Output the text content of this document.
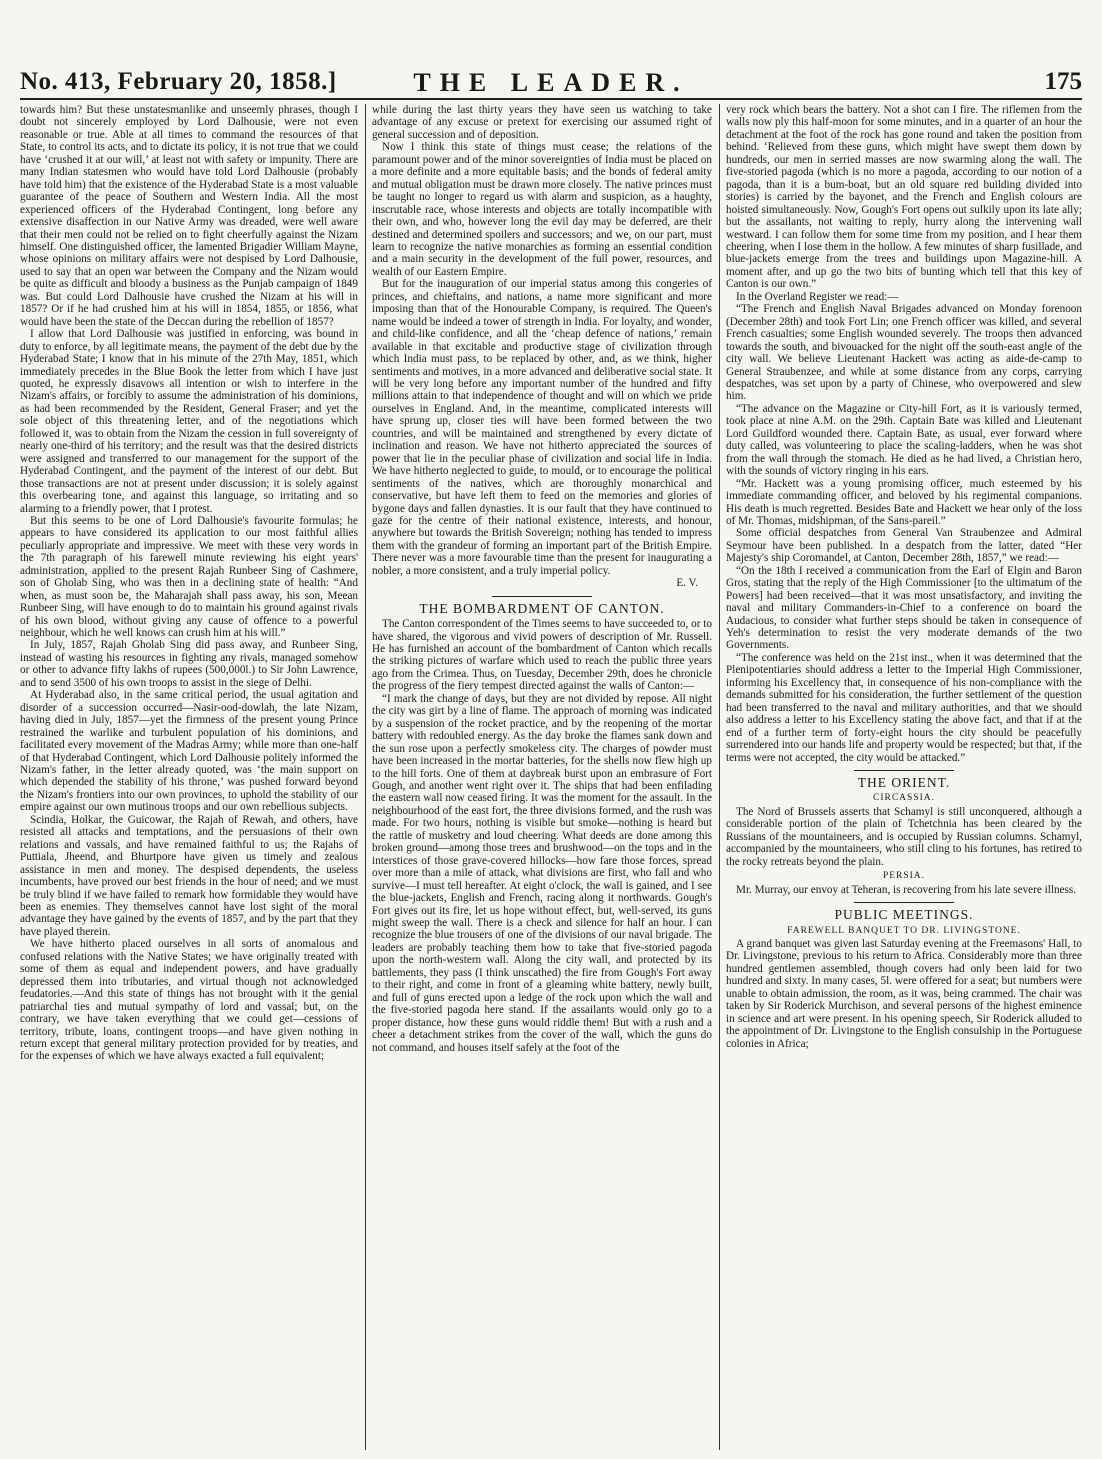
No. 413, February 20, 1858.]	THE LEADER.	175

towards him? But these unstatesmanlike and unseemly phrases, though I doubt not sincerely employed by Lord Dalhousie, were not even reasonable or true. Able at all times to command the resources of that State, to control its acts, and to dictate its policy, it is not true that we could have ‘crushed it at our will,’ at least not with safety or impunity. There are many Indian statesmen who would have told Lord Dalhousie (probably have told him) that the existence of the Hyderabad State is a most valuable guarantee of the peace of Southern and Western India. All the most experienced officers of the Hyderabad Contingent, long before any extensive disaffection in our Native Army was dreaded, were well aware that their men could not be relied on to fight cheerfully against the Nizam himself. One distinguished officer, the lamented Brigadier William Mayne, whose opinions on military affairs were not despised by Lord Dalhousie, used to say that an open war between the Company and the Nizam would be quite as difficult and bloody a business as the Punjab campaign of 1849 was. But could Lord Dalhousie have crushed the Nizam at his will in 1857? Or if he had crushed him at his will in 1854, 1855, or 1856, what would have been the state of the Deccan during the rebellion of 1857?

I allow that Lord Dalhousie was justified in enforcing, was bound in duty to enforce, by all legitimate means, the payment of the debt due by the Hyderabad State; I know that in his minute of the 27th May, 1851, which immediately precedes in the Blue Book the letter from which I have just quoted, he expressly disavows all intention or wish to interfere in the Nizam's affairs, or forcibly to assume the administration of his dominions, as had been recommended by the Resident, General Fraser; and yet the sole object of this threatening letter, and of the negotiations which followed it, was to obtain from the Nizam the cession in full sovereignty of nearly one-third of his territory; and the result was that the desired districts were assigned and transferred to our management for the support of the Hyderabad Contingent, and the payment of the interest of our debt. But those transactions are not at present under discussion; it is solely against this overbearing tone, and against this language, so irritating and so alarming to a friendly power, that I protest.

But this seems to be one of Lord Dalhousie's favourite formulas; he appears to have considered its application to our most faithful allies peculiarly appropriate and impressive. We meet with these very words in the 7th paragraph of his farewell minute reviewing his eight years' administration, applied to the present Rajah Runbeer Sing of Cashmere, son of Gholab Sing, who was then in a declining state of health: “And when, as must soon be, the Maharajah shall pass away, his son, Meean Runbeer Sing, will have enough to do to maintain his ground against rivals of his own blood, without giving any cause of offence to a powerful neighbour, which he well knows can crush him at his will.”

In July, 1857, Rajah Gholab Sing did pass away, and Runbeer Sing, instead of wasting his resources in fighting any rivals, managed somehow or other to advance fifty lakhs of rupees (500,000l.) to Sir John Lawrence, and to send 3500 of his own troops to assist in the siege of Delhi.

At Hyderabad also, in the same critical period, the usual agitation and disorder of a succession occurred—Nasir-ood-dowlah, the late Nizam, having died in July, 1857—yet the firmness of the present young Prince restrained the warlike and turbulent population of his dominions, and facilitated every movement of the Madras Army; while more than one-half of that Hyderabad Contingent, which Lord Dalhousie politely informed the Nizam's father, in the letter already quoted, was ‘the main support on which depended the stability of his throne,’ was pushed forward beyond the Nizam's frontiers into our own provinces, to uphold the stability of our empire against our own mutinous troops and our own rebellious subjects.

Scindia, Holkar, the Guicowar, the Rajah of Rewah, and others, have resisted all attacks and temptations, and the persuasions of their own relations and vassals, and have remained faithful to us; the Rajahs of Puttiala, Jheend, and Bhurtpore have given us timely and zealous assistance in men and money. The despised dependents, the useless incumbents, have proved our best friends in the hour of need; and we must be truly blind if we have failed to remark how formidable they would have been as enemies. They themselves cannot have lost sight of the moral advantage they have gained by the events of 1857, and by the part that they have played therein.

We have hitherto placed ourselves in all sorts of anomalous and confused relations with the Native States; we have originally treated with some of them as equal and independent powers, and have gradually depressed them into tributaries, and virtual though not acknowledged feudatories.—And this state of things has not brought with it the genial patriarchal ties and mutual sympathy of lord and vassal; but, on the contrary, we have taken everything that we could get—cessions of territory, tribute, loans, contingent troops—and have given nothing in return except that general military protection provided for by treaties, and for the expenses of which we have always exacted a full equivalent;

while during the last thirty years they have seen us watching to take advantage of any excuse or pretext for exercising our assumed right of general succession and of deposition.

Now I think this state of things must cease; the relations of the paramount power and of the minor sovereignties of India must be placed on a more definite and a more equitable basis; and the bonds of federal amity and mutual obligation must be drawn more closely. The native princes must be taught no longer to regard us with alarm and suspicion, as a haughty, inscrutable race, whose interests and objects are totally incompatible with their own, and who, however long the evil day may be deferred, are their destined and determined spoilers and successors; and we, on our part, must learn to recognize the native monarchies as forming an essential condition and a main security in the development of the full power, resources, and wealth of our Eastern Empire.

But for the inauguration of our imperial status among this congeries of princes, and chieftains, and nations, a name more significant and more imposing than that of the Honourable Company, is required. The Queen's name would be indeed a tower of strength in India. For loyalty, and wonder, and child-like confidence, and all the ‘cheap defence of nations,’ remain available in that excitable and productive stage of civilization through which India must pass, to be replaced by other, and, as we think, higher sentiments and motives, in a more advanced and deliberative social state. It will be very long before any important number of the hundred and fifty millions attain to that independence of thought and will on which we pride ourselves in England. And, in the meantime, complicated interests will have sprung up, closer ties will have been formed between the two countries, and will be maintained and strengthened by every dictate of inclination and reason. We have not hitherto appreciated the sources of power that lie in the peculiar phase of civilization and social life in India. We have hitherto neglected to guide, to mould, or to encourage the political sentiments of the natives, which are thoroughly monarchical and conservative, but have left them to feed on the memories and glories of bygone days and fallen dynasties. It is our fault that they have continued to gaze for the centre of their national existence, interests, and honour, anywhere but towards the British Sovereign; nothing has tended to impress them with the grandeur of forming an important part of the British Empire. There never was a more favourable time than the present for inaugurating a nobler, a more consistent, and a truly imperial policy.

E. V.

THE BOMBARDMENT OF CANTON.

The Canton correspondent of the Times seems to have succeeded to, or to have shared, the vigorous and vivid powers of description of Mr. Russell. He has furnished an account of the bombardment of Canton which recalls the striking pictures of warfare which used to reach the public three years ago from the Crimea. Thus, on Tuesday, December 29th, does he chronicle the progress of the fiery tempest directed against the walls of Canton:—

“I mark the change of days, but they are not divided by repose. All night the city was girt by a line of flame. The approach of morning was indicated by a suspension of the rocket practice, and by the reopening of the mortar battery with redoubled energy. As the day broke the flames sank down and the sun rose upon a perfectly smokeless city. The charges of powder must have been increased in the mortar batteries, for the shells now flew high up to the hill forts. One of them at daybreak burst upon an embrasure of Fort Gough, and another went right over it. The ships that had been enfilading the eastern wall now ceased firing. It was the moment for the assault. In the neighbourhood of the east fort, the three divisions formed, and the rush was made. For two hours, nothing is visible but smoke—nothing is heard but the rattle of musketry and loud cheering. What deeds are done among this broken ground—among those trees and brushwood—on the tops and in the interstices of those grave-covered hillocks—how fare those forces, spread over more than a mile of attack, what divisions are first, who fall and who survive—I must tell hereafter. At eight o'clock, the wall is gained, and I see the blue-jackets, English and French, racing along it northwards. Gough's Fort gives out its fire, let us hope without effect, but, well-served, its guns might sweep the wall. There is a check and silence for half an hour. I can recognize the blue trousers of one of the divisions of our naval brigade. The leaders are probably teaching them how to take that five-storied pagoda upon the north-western wall. Along the city wall, and protected by its battlements, they pass (I think unscathed) the fire from Gough's Fort away to their right, and come in front of a gleaming white battery, newly built, and full of guns erected upon a ledge of the rock upon which the wall and the five-storied pagoda here stand. If the assailants would only go to a proper distance, how these guns would riddle them! But with a rush and a cheer a detachment strikes from the cover of the wall, which the guns do not command, and houses itself safely at the foot of the

very rock which bears the battery. Not a shot can I fire. The riflemen from the walls now ply this half-moon for some minutes, and in a quarter of an hour the detachment at the foot of the rock has gone round and taken the position from behind. ‘Relieved from these guns, which might have swept them down by hundreds, our men in serried masses are now swarming along the wall. The five-storied pagoda (which is no more a pagoda, according to our notion of a pagoda, than it is a bum-boat, but an old square red building divided into stories) is carried by the bayonet, and the French and English colours are hoisted simultaneously. Now, Gough's Fort opens out sulkily upon its late ally; but the assailants, not waiting to reply, hurry along the intervening wall westward. I can follow them for some time from my position, and I hear them cheering, when I lose them in the hollow. A few minutes of sharp fusillade, and blue-jackets emerge from the trees and buildings upon Magazine-hill. A moment after, and up go the two bits of bunting which tell that this key of Canton is our own.”

In the Overland Register we read:—

“The French and English Naval Brigades advanced on Monday forenoon (December 28th) and took Fort Lin; one French officer was killed, and several French casualties; some English wounded severely. The troops then advanced towards the south, and bivouacked for the night off the south-east angle of the city wall. We believe Lieutenant Hackett was acting as aide-de-camp to General Straubenzee, and while at some distance from any corps, carrying despatches, was set upon by a party of Chinese, who overpowered and slew him.

“The advance on the Magazine or City-hill Fort, as it is variously termed, took place at nine A.M. on the 29th. Captain Bate was killed and Lieutenant Lord Guildford wounded there. Captain Bate, as usual, ever forward where duty called, was volunteering to place the scaling-ladders, when he was shot from the wall through the stomach. He died as he had lived, a Christian hero, with the sounds of victory ringing in his ears.

“Mr. Hackett was a young promising officer, much esteemed by his immediate commanding officer, and beloved by his regimental companions. His death is much regretted. Besides Bate and Hackett we hear only of the loss of Mr. Thomas, midshipman, of the Sans-pareil.”

Some official despatches from General Van Straubenzee and Admiral Seymour have been published. In a despatch from the latter, dated “Her Majesty's ship Coromandel, at Canton, December 28th, 1857,” we read:—

“On the 18th I received a communication from the Earl of Elgin and Baron Gros, stating that the reply of the High Commissioner [to the ultimatum of the Powers] had been received—that it was most unsatisfactory, and inviting the naval and military Commanders-in-Chief to a conference on board the Audacious, to consider what further steps should be taken in consequence of Yeh's determination to resist the very moderate demands of the two Governments.

“The conference was held on the 21st inst., when it was determined that the Plenipotentiaries should address a letter to the Imperial High Commissioner, informing his Excellency that, in consequence of his non-compliance with the demands submitted for his consideration, the further settlement of the question had been transferred to the naval and military authorities, and that we should also address a letter to his Excellency stating the above fact, and that if at the end of a further term of forty-eight hours the city should be peacefully surrendered into our hands life and property would be respected; but that, if the terms were not accepted, the city would be attacked.”

THE ORIENT.
CIRCASSIA.

The Nord of Brussels asserts that Schamyl is still unconquered, although a considerable portion of the plain of Tchetchnia has been cleared by the Russians of the mountaineers, and is occupied by Russian columns. Schamyl, accompanied by the mountaineers, who still cling to his fortunes, has retired to the rocky retreats beyond the plain.

PERSIA.

Mr. Murray, our envoy at Teheran, is recovering from his late severe illness.

PUBLIC MEETINGS.
FAREWELL BANQUET TO DR. LIVINGSTONE.

A grand banquet was given last Saturday evening at the Freemasons' Hall, to Dr. Livingstone, previous to his return to Africa. Considerably more than three hundred gentlemen assembled, though covers had only been laid for two hundred and sixty. In many cases, 5l. were offered for a seat; but numbers were unable to obtain admission, the room, as it was, being crammed. The chair was taken by Sir Roderick Murchison, and several persons of the highest eminence in science and art were present. In his opening speech, Sir Roderick alluded to the appointment of Dr. Livingstone to the English consulship in the Portuguese colonies in Africa;
